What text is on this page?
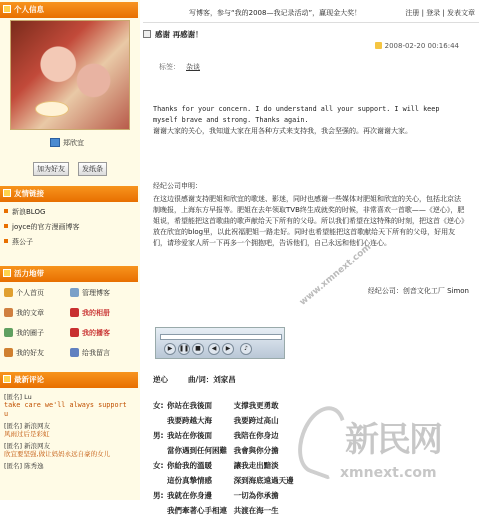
个人信息
郑欣宜
加为好友	发纸条
友情链接
新浪BLOG
joyce的官方漫画博客
燕公子
活力地带
个人首页	管理博客
我的文章	我的相册
我的圈子	我的播客
我的好友	给我留言
最新评论
[匿名] Lu
take care we'll always support u
[匿名] 新浪网友
风雨过后是彩虹
[匿名] 新浪网友
欣宜要坚强,做让妈妈永远自豪的女儿
[匿名] 陈秀逸
写博客，参与“我的2008—我记录活动”，赢现金大奖！	注册 | 登录 | 发表文章
感谢 再感谢！
2008-02-20 00:16:44
标签： 杂谈
Thanks for your concern. I do understand all your support. I will keep
myself brave and strong. Thanks again.
谢谢大家的关心，我知道大家在用各种方式来支持我，我会坚强的。再次谢谢大家。
经纪公司申明：
在这边很感谢支持肥姐和欣宜的歌迷、影迷，同时也感谢一些媒体对肥姐和欣宜的关心，包括北京法制晚报，上海东方早报等。肥姐在去年领取TVB终生成就奖的时候，非常喜欢一首歌——《逆心》，肥姐说，希望能把这首歌曲的歌声献给天下所有的父母。所以我们希望在这特殊的时刻，把这首《逆心》放在欣宜的blog里，以此祝福肥姐一路走好。同时也希望能把这首歌献给天下所有的父母，好用友们，请珍爱家人所一下再多一个拥抱吧，告诉他们，自己永远和他们心连心。
经纪公司：创音文化工厂 Simon
▶	❚❚	■	◀	▶	♪
逆心	曲/词：刘家昌
女: 你站在我後面	支撑我更勇敢
我要跨越大海	我要跨过高山
男: 我站在你後面	我陪在你身边
當你遇到任何困難 我會與你分擔
女: 你給我的溫暖	讓我走出黯淡
這份真摯情感	深到海底遠過天邊
男: 我就在你身邊	一切為你承擔
我們牽著心手相連 共渡在海一生
www.xmnext.com
新民网
xmnext.com
